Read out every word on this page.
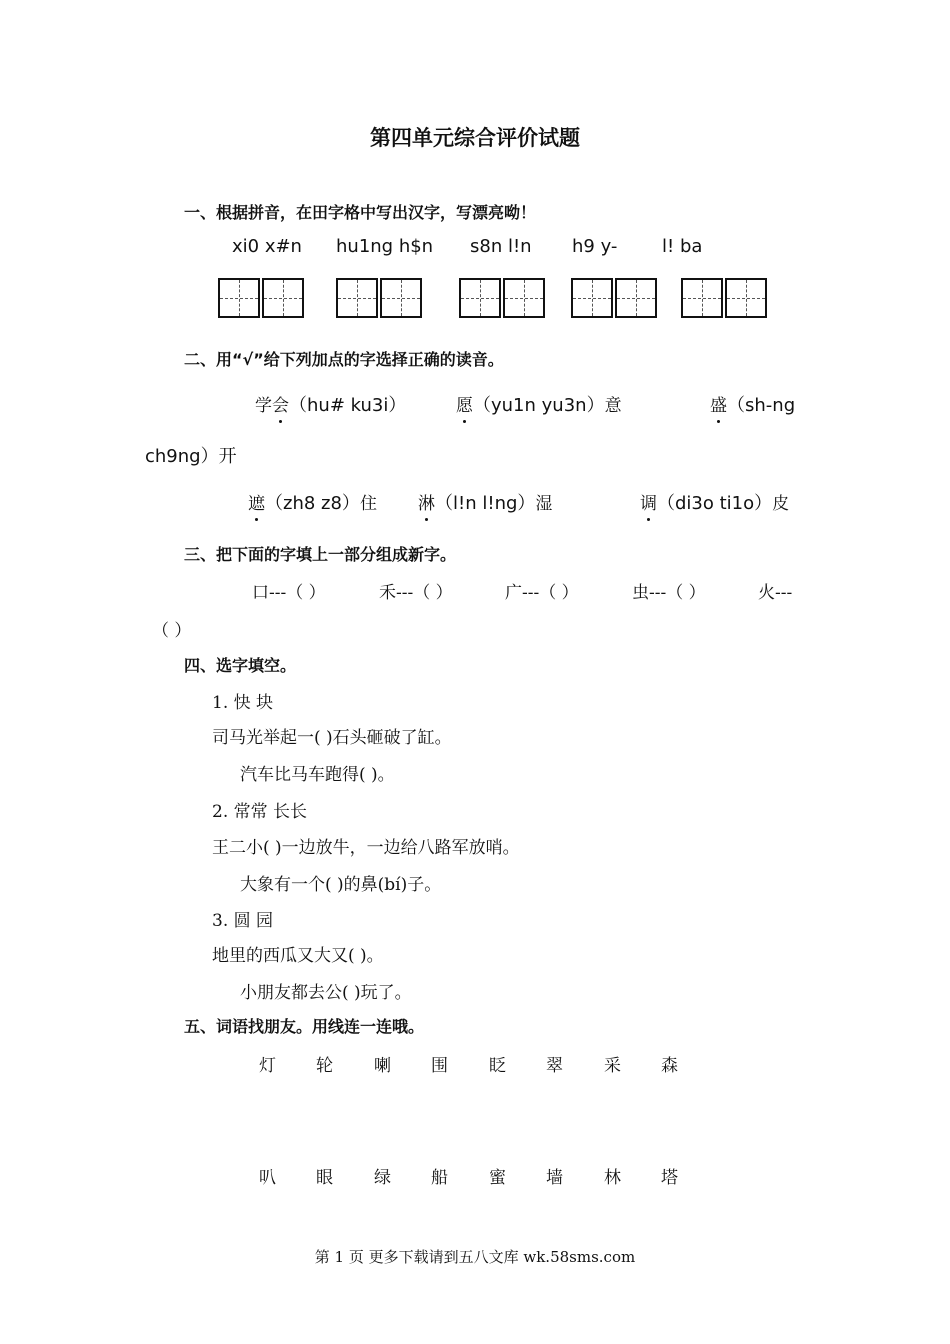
第四单元综合评价试题
一、根据拼音，在田字格中写出汉字，写漂亮呦！
xi0 x#n hu1ng h$n s8n l!n h9 y- l! ba
二、用“√”给下列加点的字选择正确的读音。
学会（hu# ku3i）	愿（yu1n yu3n）意	盛（sh-ng
ch9ng）开
遮（zh8 z8）住 淋（l!n l!ng）湿	调（di3o ti1o）皮
三、把下面的字填上一部分组成新字。
口---（ ）	禾---（ ）	广---（ ）	虫---（ ）	火---
（ ）
四、选字填空。
1. 快 块
司马光举起一( )石头砸破了缸。
汽车比马车跑得( )。
2. 常常 长长
王二小( )一边放牛，一边给八路军放哨。
大象有一个( )的鼻(bí)子。
3. 圆 园
地里的西瓜又大又( )。
小朋友都去公( )玩了。
五、词语找朋友。用线连一连哦。
灯 轮 喇 围 眨 翠 采 森
叭 眼 绿 船 蜜 墙 林 塔
第 1 页 更多下载请到五八文库 wk.58sms.com
